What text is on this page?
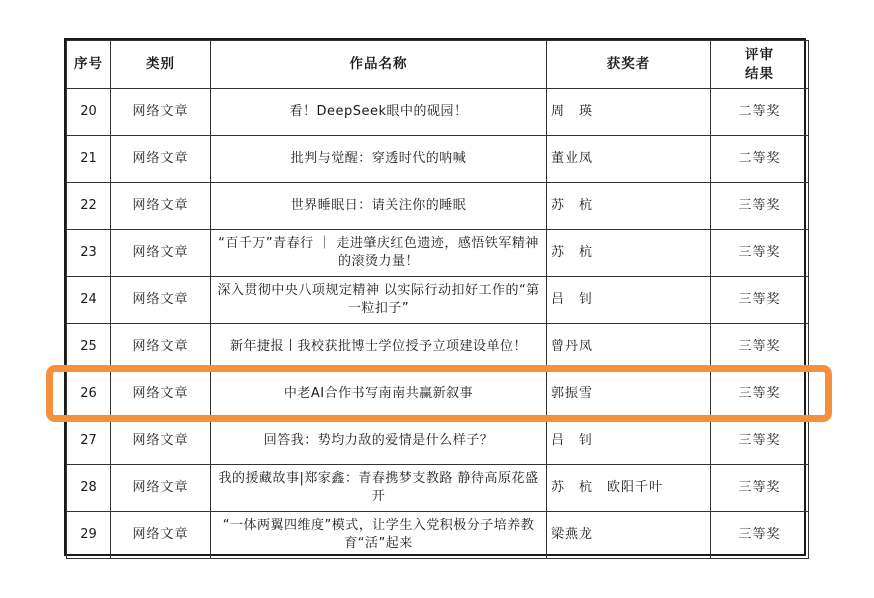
序号	类别	作品名称	获奖者	评审
结果

20	网络文章	看！DeepSeek眼中的砚园！	周　瑛	二等奖
21	网络文章	批判与觉醒：穿透时代的呐喊	董业凤	二等奖
22	网络文章	世界睡眠日：请关注你的睡眠	苏　杭	三等奖
23	网络文章	“百千万”青春行 ｜ 走进肇庆红色遗迹，感悟铁军精神的滚烫力量！	苏　杭	三等奖
24	网络文章	深入贯彻中央八项规定精神 以实际行动扣好工作的“第一粒扣子”	吕　钊	三等奖
25	网络文章	新年捷报丨我校获批博士学位授予立项建设单位！	曾丹凤	三等奖
26	网络文章	中老AI合作书写南南共赢新叙事	郭振雪	三等奖
27	网络文章	回答我：势均力敌的爱情是什么样子？	吕　钊	三等奖
28	网络文章	我的援藏故事|郑家鑫：青春携梦支教路 静待高原花盛开	苏　杭　欧阳千叶	三等奖
29	网络文章	“一体两翼四维度”模式，让学生入党积极分子培养教育“活”起来	梁燕龙	三等奖
